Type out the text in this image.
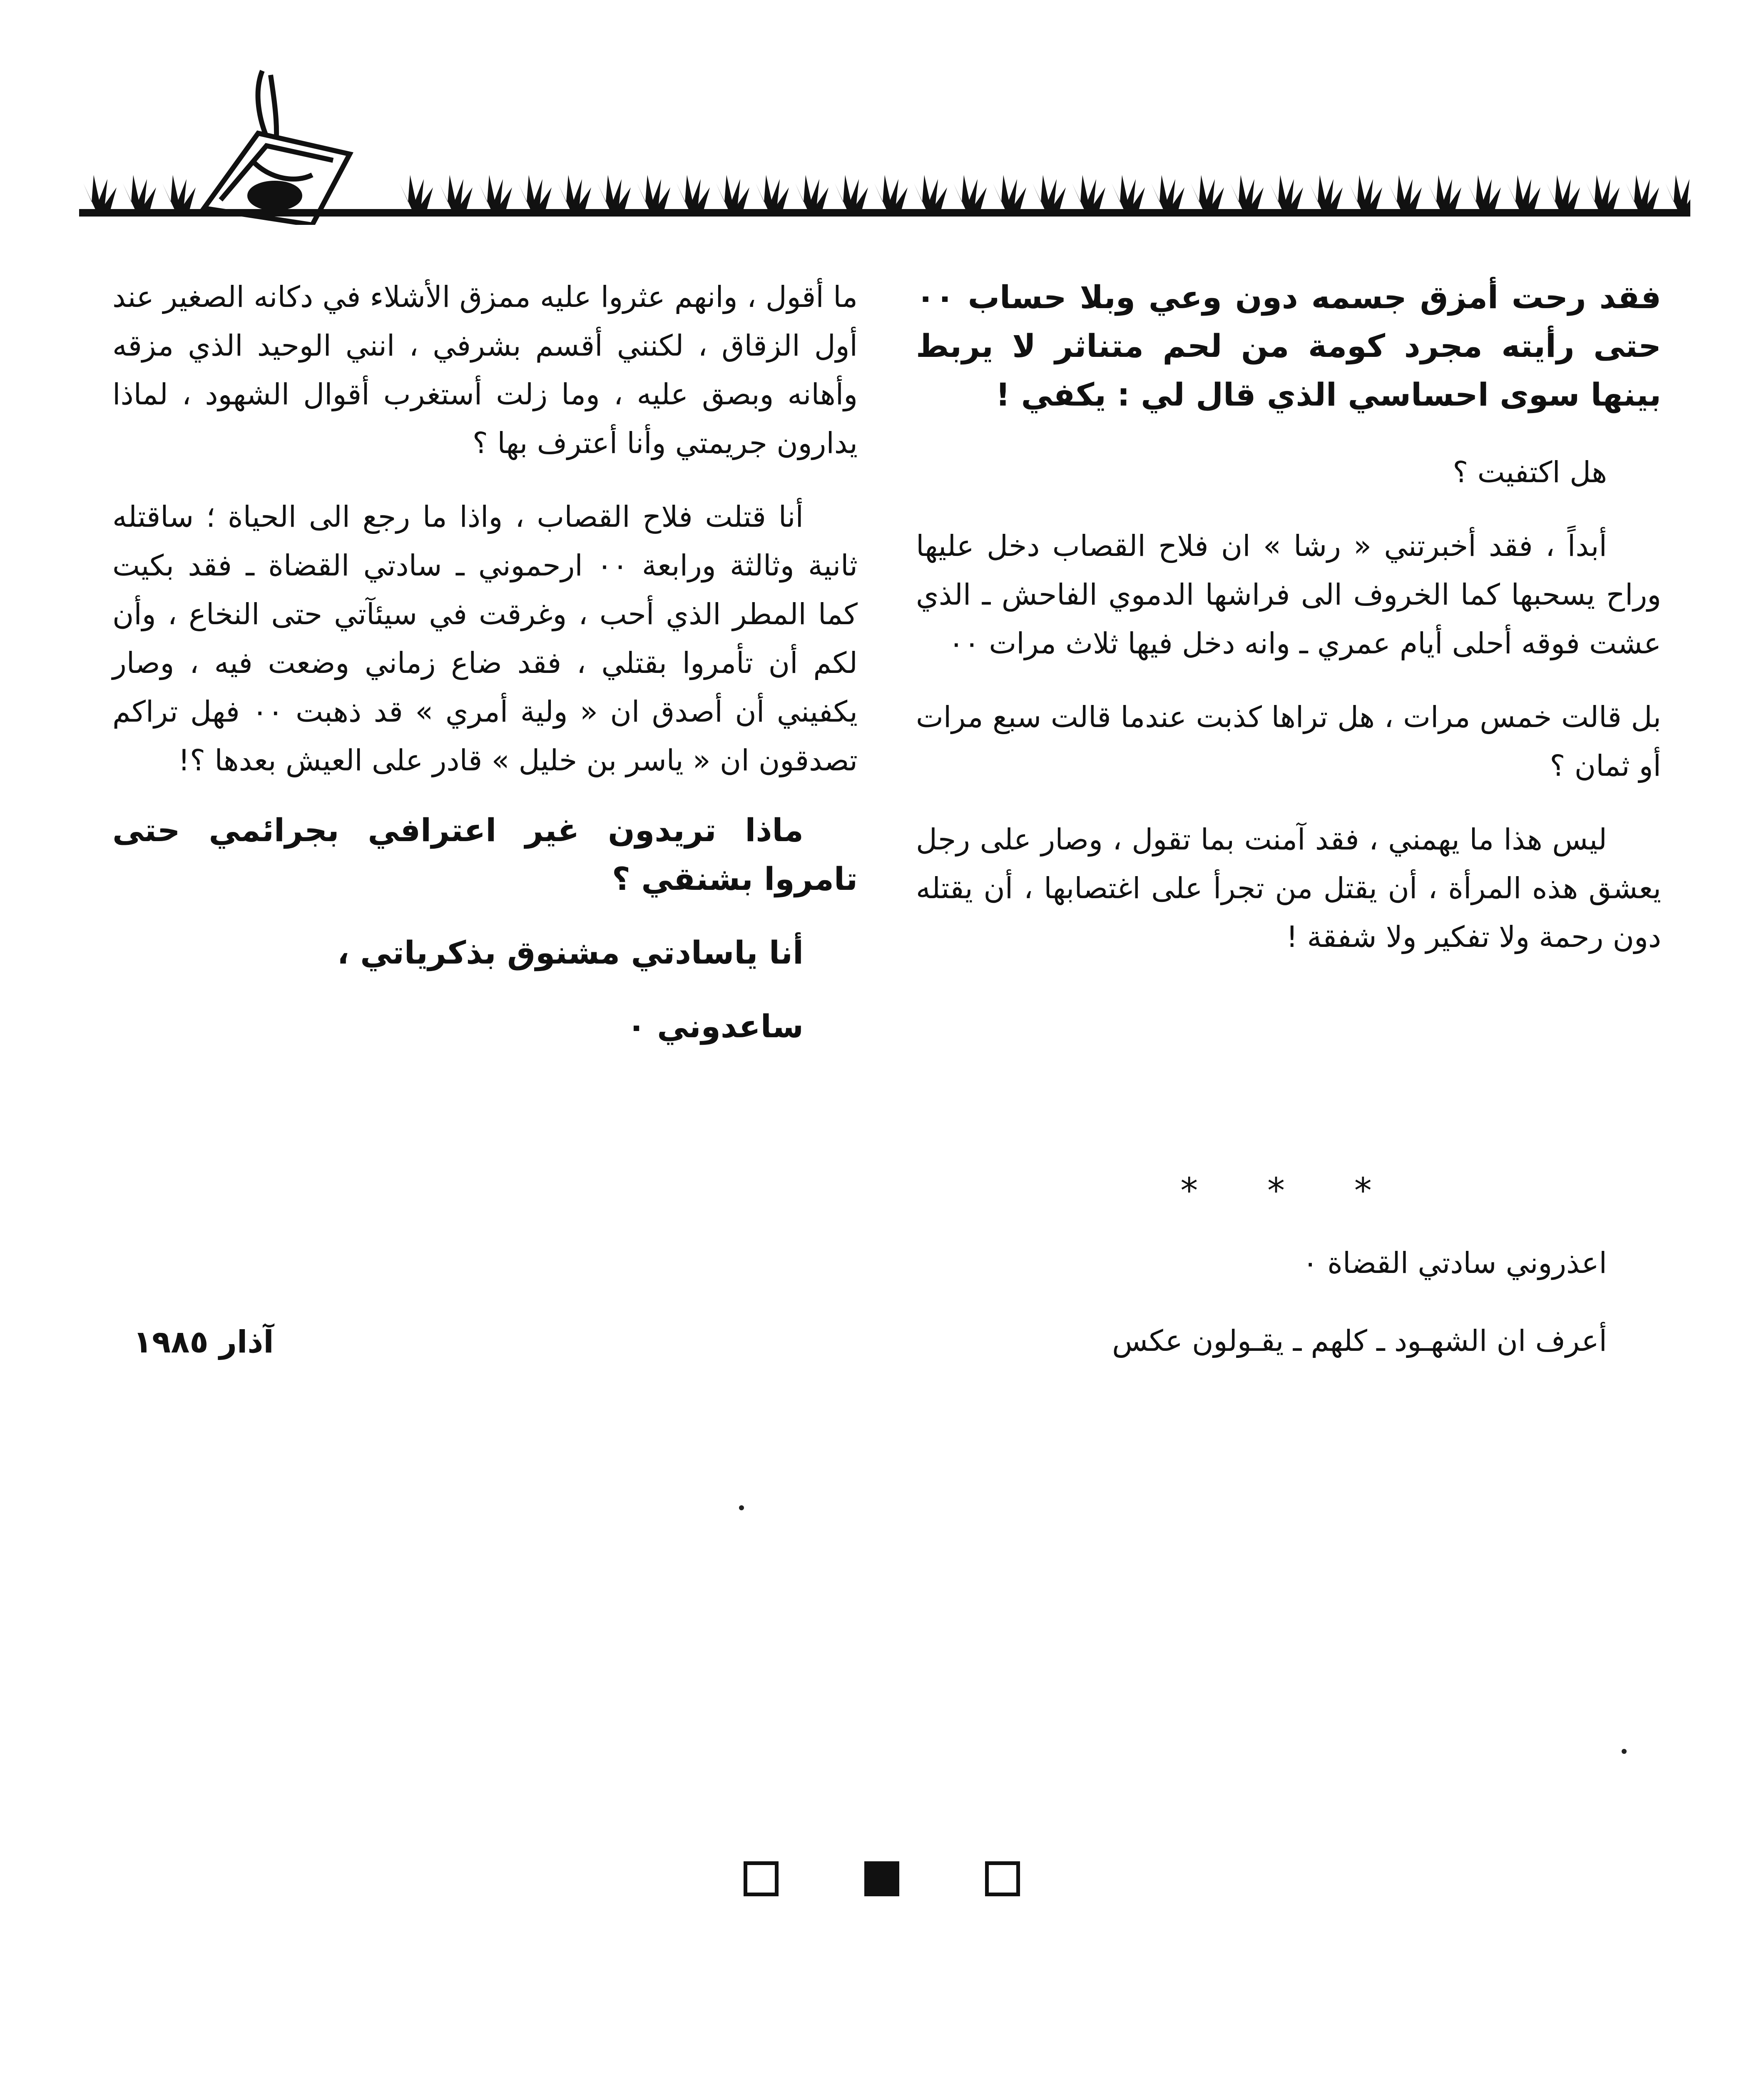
فقد رحت أمزق جسمه دون وعي وبلا حساب ٠٠ حتى رأيته مجرد كومة من لحم متناثر لا يربط بينها سوى احساسي الذي قال لي : يكفي !

هل اكتفيت ؟

أبداً ، فقد أخبرتني « رشا » ان فلاح القصاب دخل عليها وراح يسحبها كما الخروف الى فراشها الدموي الفاحش ـ الذي عشت فوقه أحلى أيام عمري ـ وانه دخل فيها ثلاث مرات ٠٠

بل قالت خمس مرات ، هل تراها كذبت عندما قالت سبع مرات أو ثمان ؟

ليس هذا ما يهمني ، فقد آمنت بما تقول ، وصار على رجل يعشق هذه المرأة ، أن يقتل من تجرأ على اغتصابها ، أن يقتله دون رحمة ولا تفكير ولا شفقة !

* * *

اعذروني سادتي القضاة ٠

أعرف ان الشهـود ـ كلهم ـ يقـولون عكس

ما أقول ، وانهم عثروا عليه ممزق الأشلاء في دكانه الصغير عند أول الزقاق ، لكنني أقسم بشرفي ، انني الوحيد الذي مزقه وأهانه وبصق عليه ، وما زلت أستغرب أقوال الشهود ، لماذا يدارون جريمتي وأنا أعترف بها ؟

أنا قتلت فلاح القصاب ، واذا ما رجع الى الحياة ؛ ساقتله ثانية وثالثة ورابعة ٠٠ ارحموني ـ سادتي القضاة ـ فقد بكيت كما المطر الذي أحب ، وغرقت في سيئآتي حتى النخاع ، وأن لكم أن تأمروا بقتلي ، فقد ضاع زماني وضعت فيه ، وصار يكفيني أن أصدق ان « ولية أمري » قد ذهبت ٠٠ فهل تراكم تصدقون ان « ياسر بن خليل » قادر على العيش بعدها ؟!

ماذا تريدون غير اعترافي بجرائمي حتى تامروا بشنقي ؟

أنا ياسادتي مشنوق بذكرياتي ،

ساعدوني ٠

آذار ١٩٨٥
